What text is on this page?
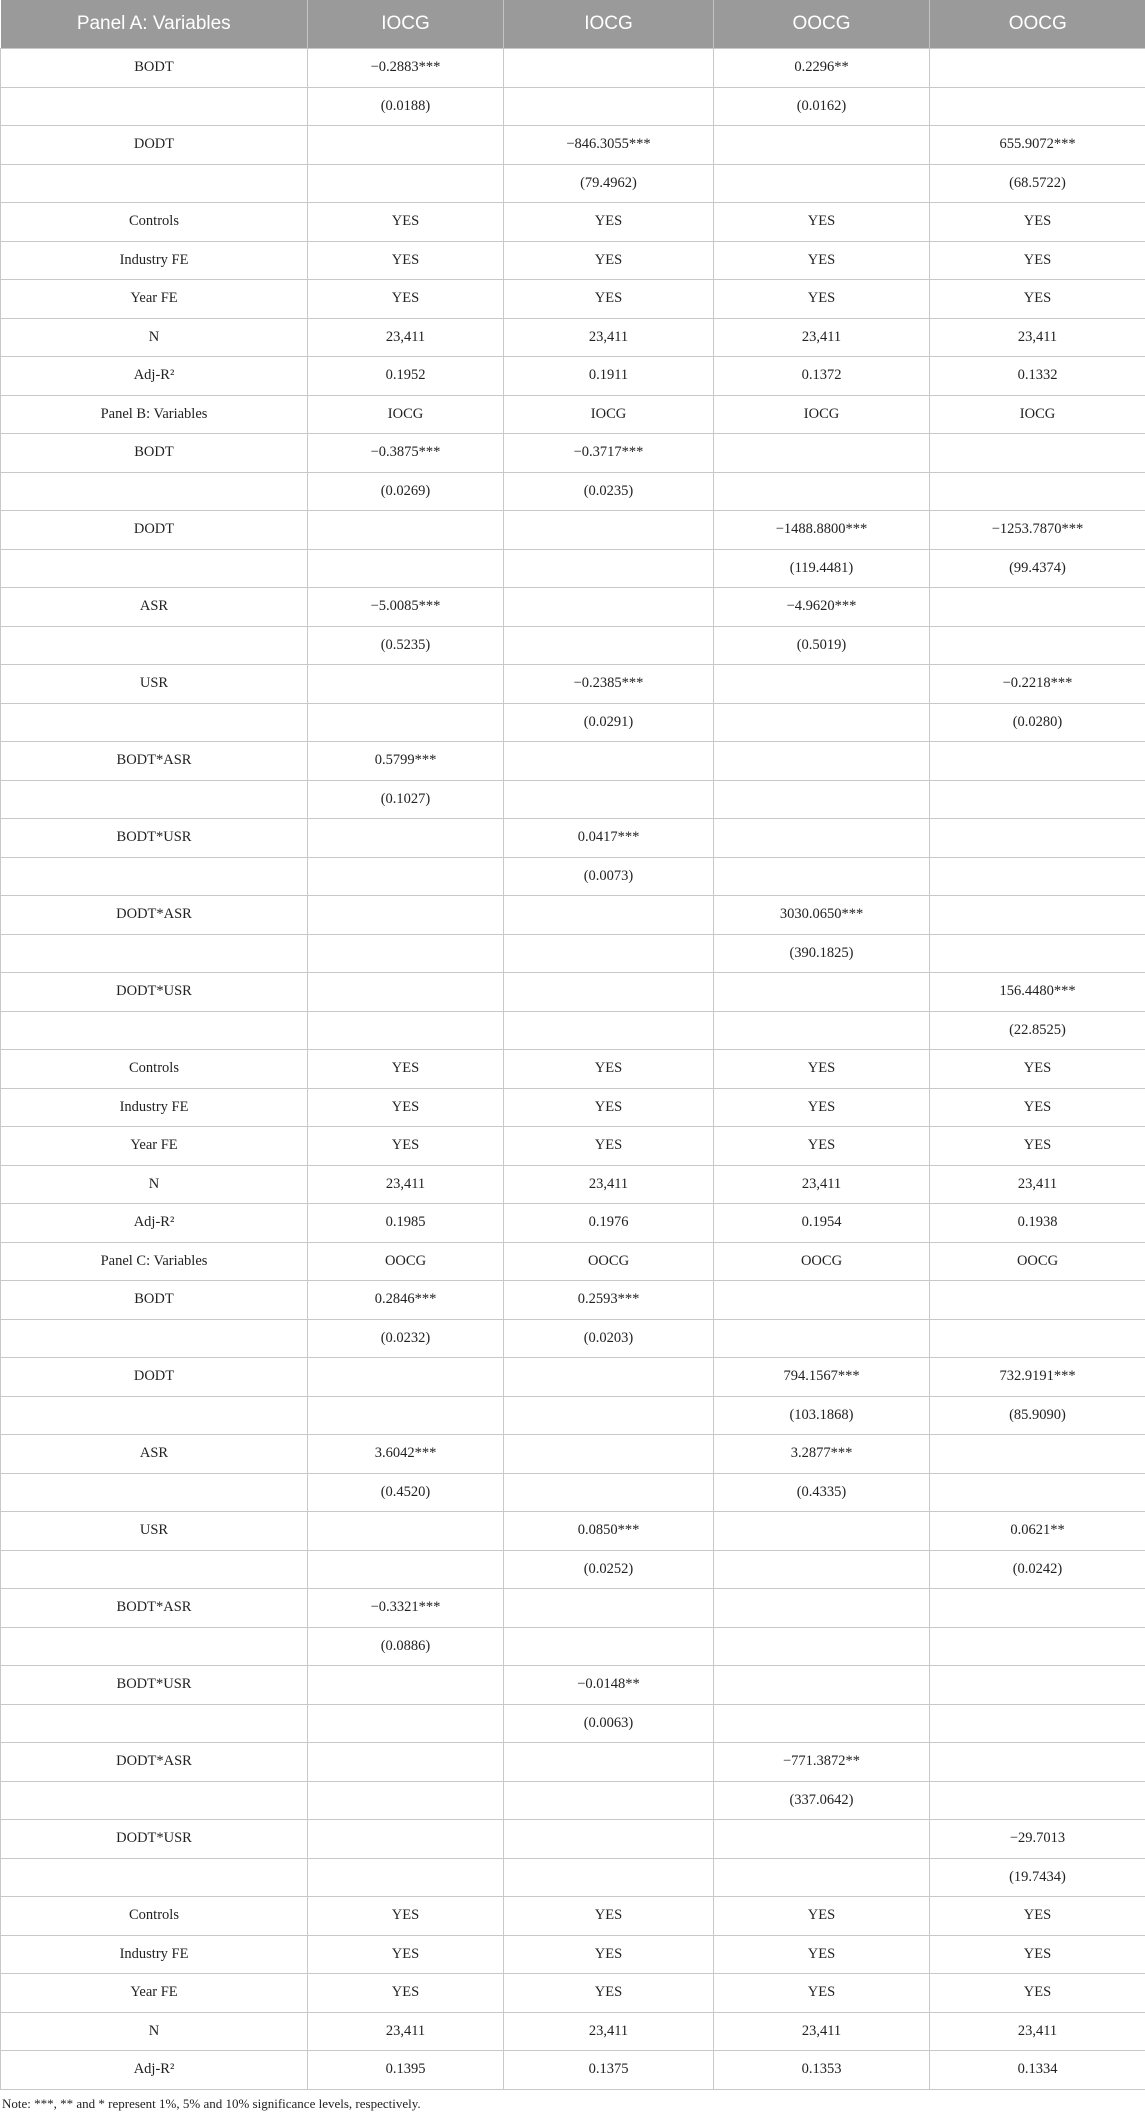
Panel A: Variables	IOCG	IOCG	OOCG	OOCG
BODT	−0.2883***		0.2296**	
	(0.0188)		(0.0162)	
DODT		−846.3055***		655.9072***
		(79.4962)		(68.5722)
Controls	YES	YES	YES	YES
Industry FE	YES	YES	YES	YES
Year FE	YES	YES	YES	YES
N	23,411	23,411	23,411	23,411
Adj-R²	0.1952	0.1911	0.1372	0.1332
Panel B: Variables	IOCG	IOCG	IOCG	IOCG
BODT	−0.3875***	−0.3717***		
	(0.0269)	(0.0235)		
DODT			−1488.8800***	−1253.7870***
			(119.4481)	(99.4374)
ASR	−5.0085***		−4.9620***	
	(0.5235)		(0.5019)	
USR		−0.2385***		−0.2218***
		(0.0291)		(0.0280)
BODT*ASR	0.5799***			
	(0.1027)			
BODT*USR		0.0417***		
		(0.0073)		
DODT*ASR			3030.0650***	
			(390.1825)	
DODT*USR				156.4480***
				(22.8525)
Controls	YES	YES	YES	YES
Industry FE	YES	YES	YES	YES
Year FE	YES	YES	YES	YES
N	23,411	23,411	23,411	23,411
Adj-R²	0.1985	0.1976	0.1954	0.1938
Panel C: Variables	OOCG	OOCG	OOCG	OOCG
BODT	0.2846***	0.2593***		
	(0.0232)	(0.0203)		
DODT			794.1567***	732.9191***
			(103.1868)	(85.9090)
ASR	3.6042***		3.2877***	
	(0.4520)		(0.4335)	
USR		0.0850***		0.0621**
		(0.0252)		(0.0242)
BODT*ASR	−0.3321***			
	(0.0886)			
BODT*USR		−0.0148**		
		(0.0063)		
DODT*ASR			−771.3872**	
			(337.0642)	
DODT*USR				−29.7013
				(19.7434)
Controls	YES	YES	YES	YES
Industry FE	YES	YES	YES	YES
Year FE	YES	YES	YES	YES
N	23,411	23,411	23,411	23,411
Adj-R²	0.1395	0.1375	0.1353	0.1334
Note: ***, ** and * represent 1%, 5% and 10% significance levels, respectively.
